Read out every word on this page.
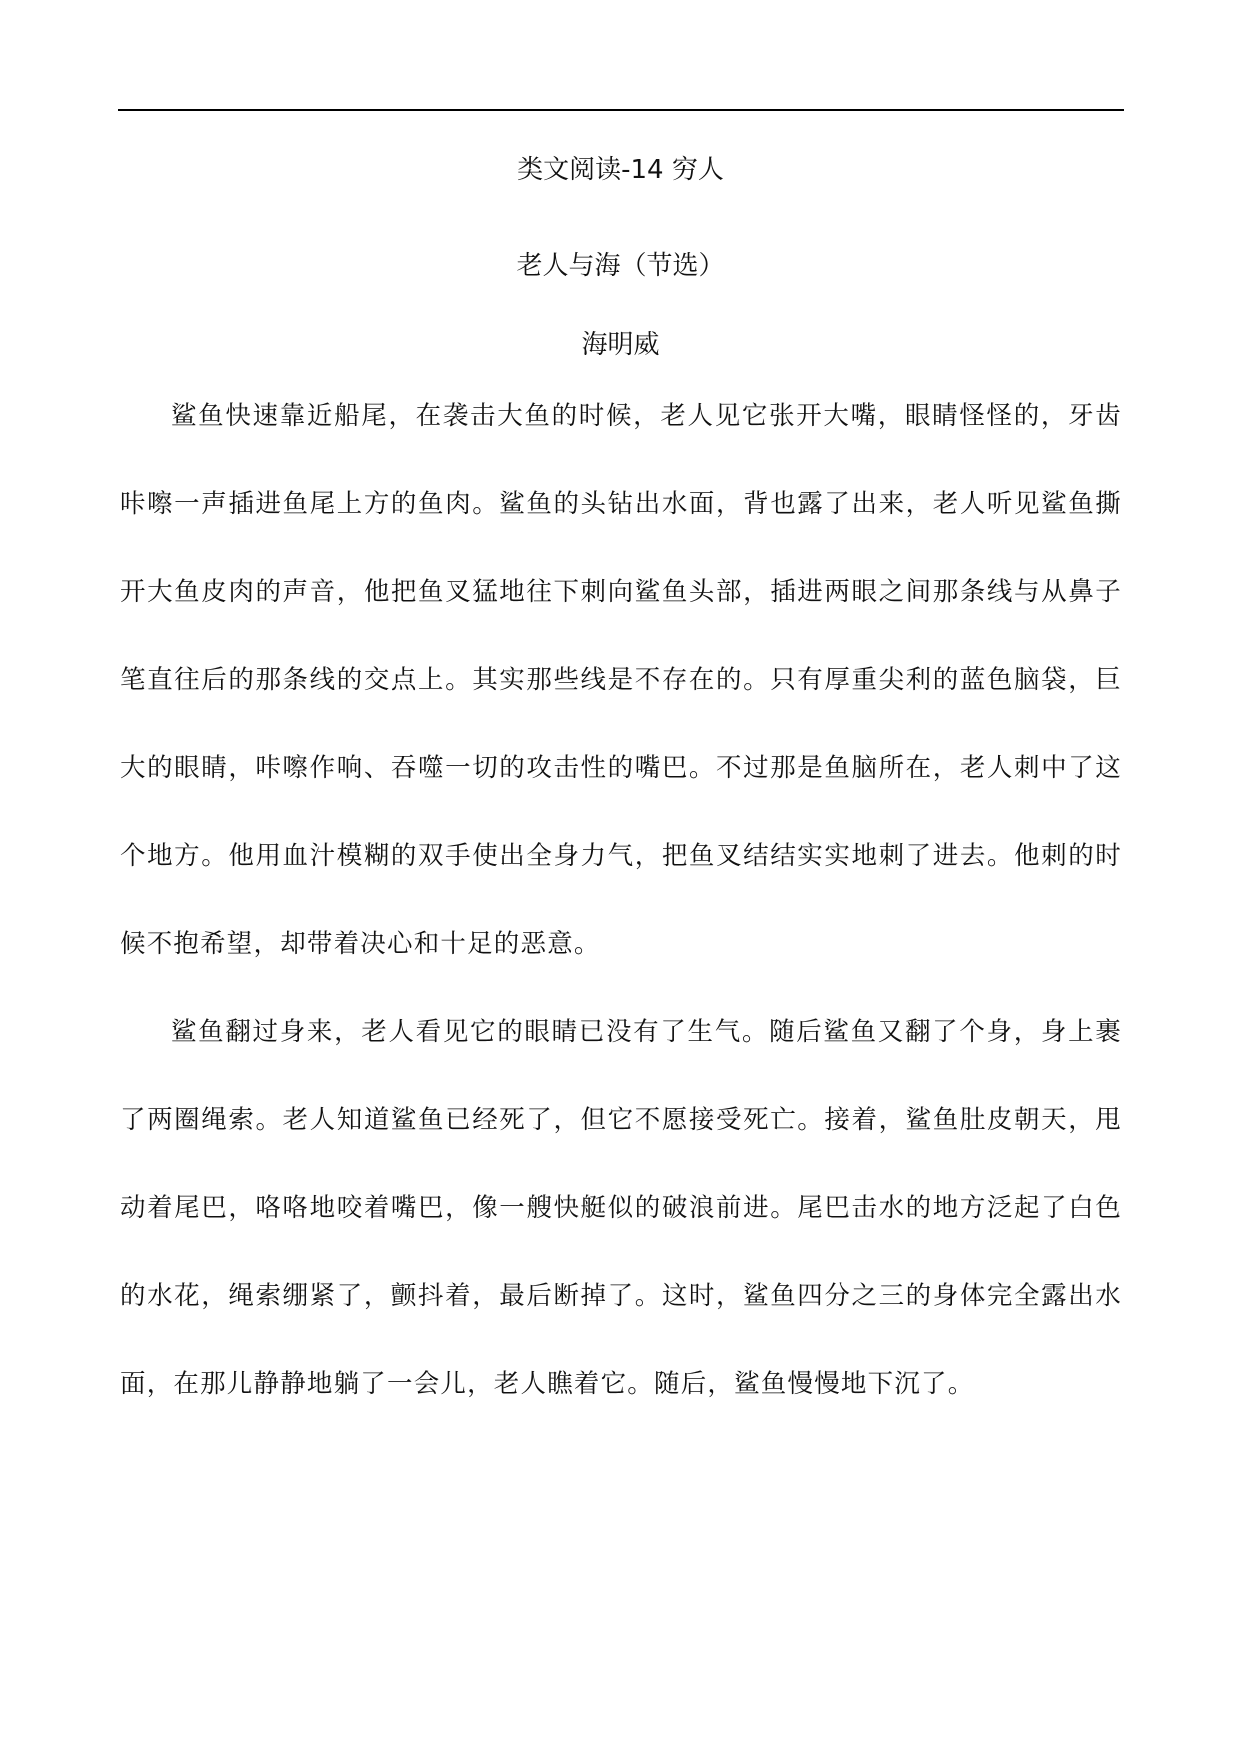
类文阅读-14 穷人
老人与海（节选）
海明威

鲨鱼快速靠近船尾，在袭击大鱼的时候，老人见它张开大嘴，眼睛怪怪的，牙齿咔嚓一声插进鱼尾上方的鱼肉。鲨鱼的头钻出水面，背也露了出来，老人听见鲨鱼撕开大鱼皮肉的声音，他把鱼叉猛地往下刺向鲨鱼头部，插进两眼之间那条线与从鼻子笔直往后的那条线的交点上。其实那些线是不存在的。只有厚重尖利的蓝色脑袋，巨大的眼睛，咔嚓作响、吞噬一切的攻击性的嘴巴。不过那是鱼脑所在，老人刺中了这个地方。他用血汁模糊的双手使出全身力气，把鱼叉结结实实地刺了进去。他刺的时候不抱希望，却带着决心和十足的恶意。

鲨鱼翻过身来，老人看见它的眼睛已没有了生气。随后鲨鱼又翻了个身，身上裹了两圈绳索。老人知道鲨鱼已经死了，但它不愿接受死亡。接着，鲨鱼肚皮朝天，甩动着尾巴，咯咯地咬着嘴巴，像一艘快艇似的破浪前进。尾巴击水的地方泛起了白色的水花，绳索绷紧了，颤抖着，最后断掉了。这时，鲨鱼四分之三的身体完全露出水面，在那儿静静地躺了一会儿，老人瞧着它。随后，鲨鱼慢慢地下沉了。
